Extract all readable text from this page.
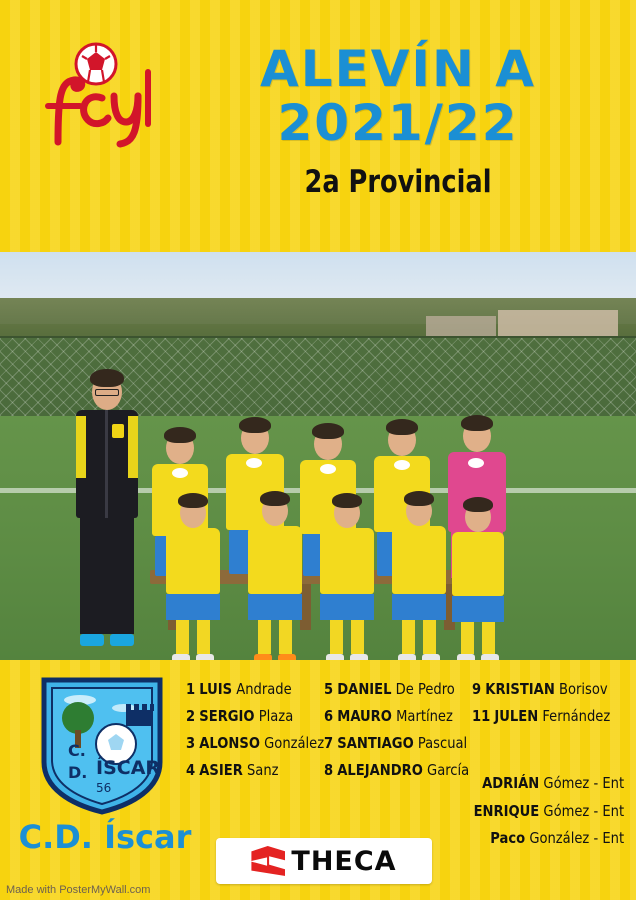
ALEVÍN A
2021/22
2a Provincial
C.
D. ÍSCAR
56
C.D. Íscar
1 LUIS Andrade
2 SERGIO Plaza
3 ALONSO González
4 ASIER Sanz
5 DANIEL De Pedro
6 MAURO Martínez
7 SANTIAGO Pascual
8 ALEJANDRO García
9 KRISTIAN Borisov
11 JULEN Fernández
ADRIÁN Gómez - Ent
ENRIQUE Gómez - Ent
Paco González - Ent
THECA
Made with PosterMyWall.com
